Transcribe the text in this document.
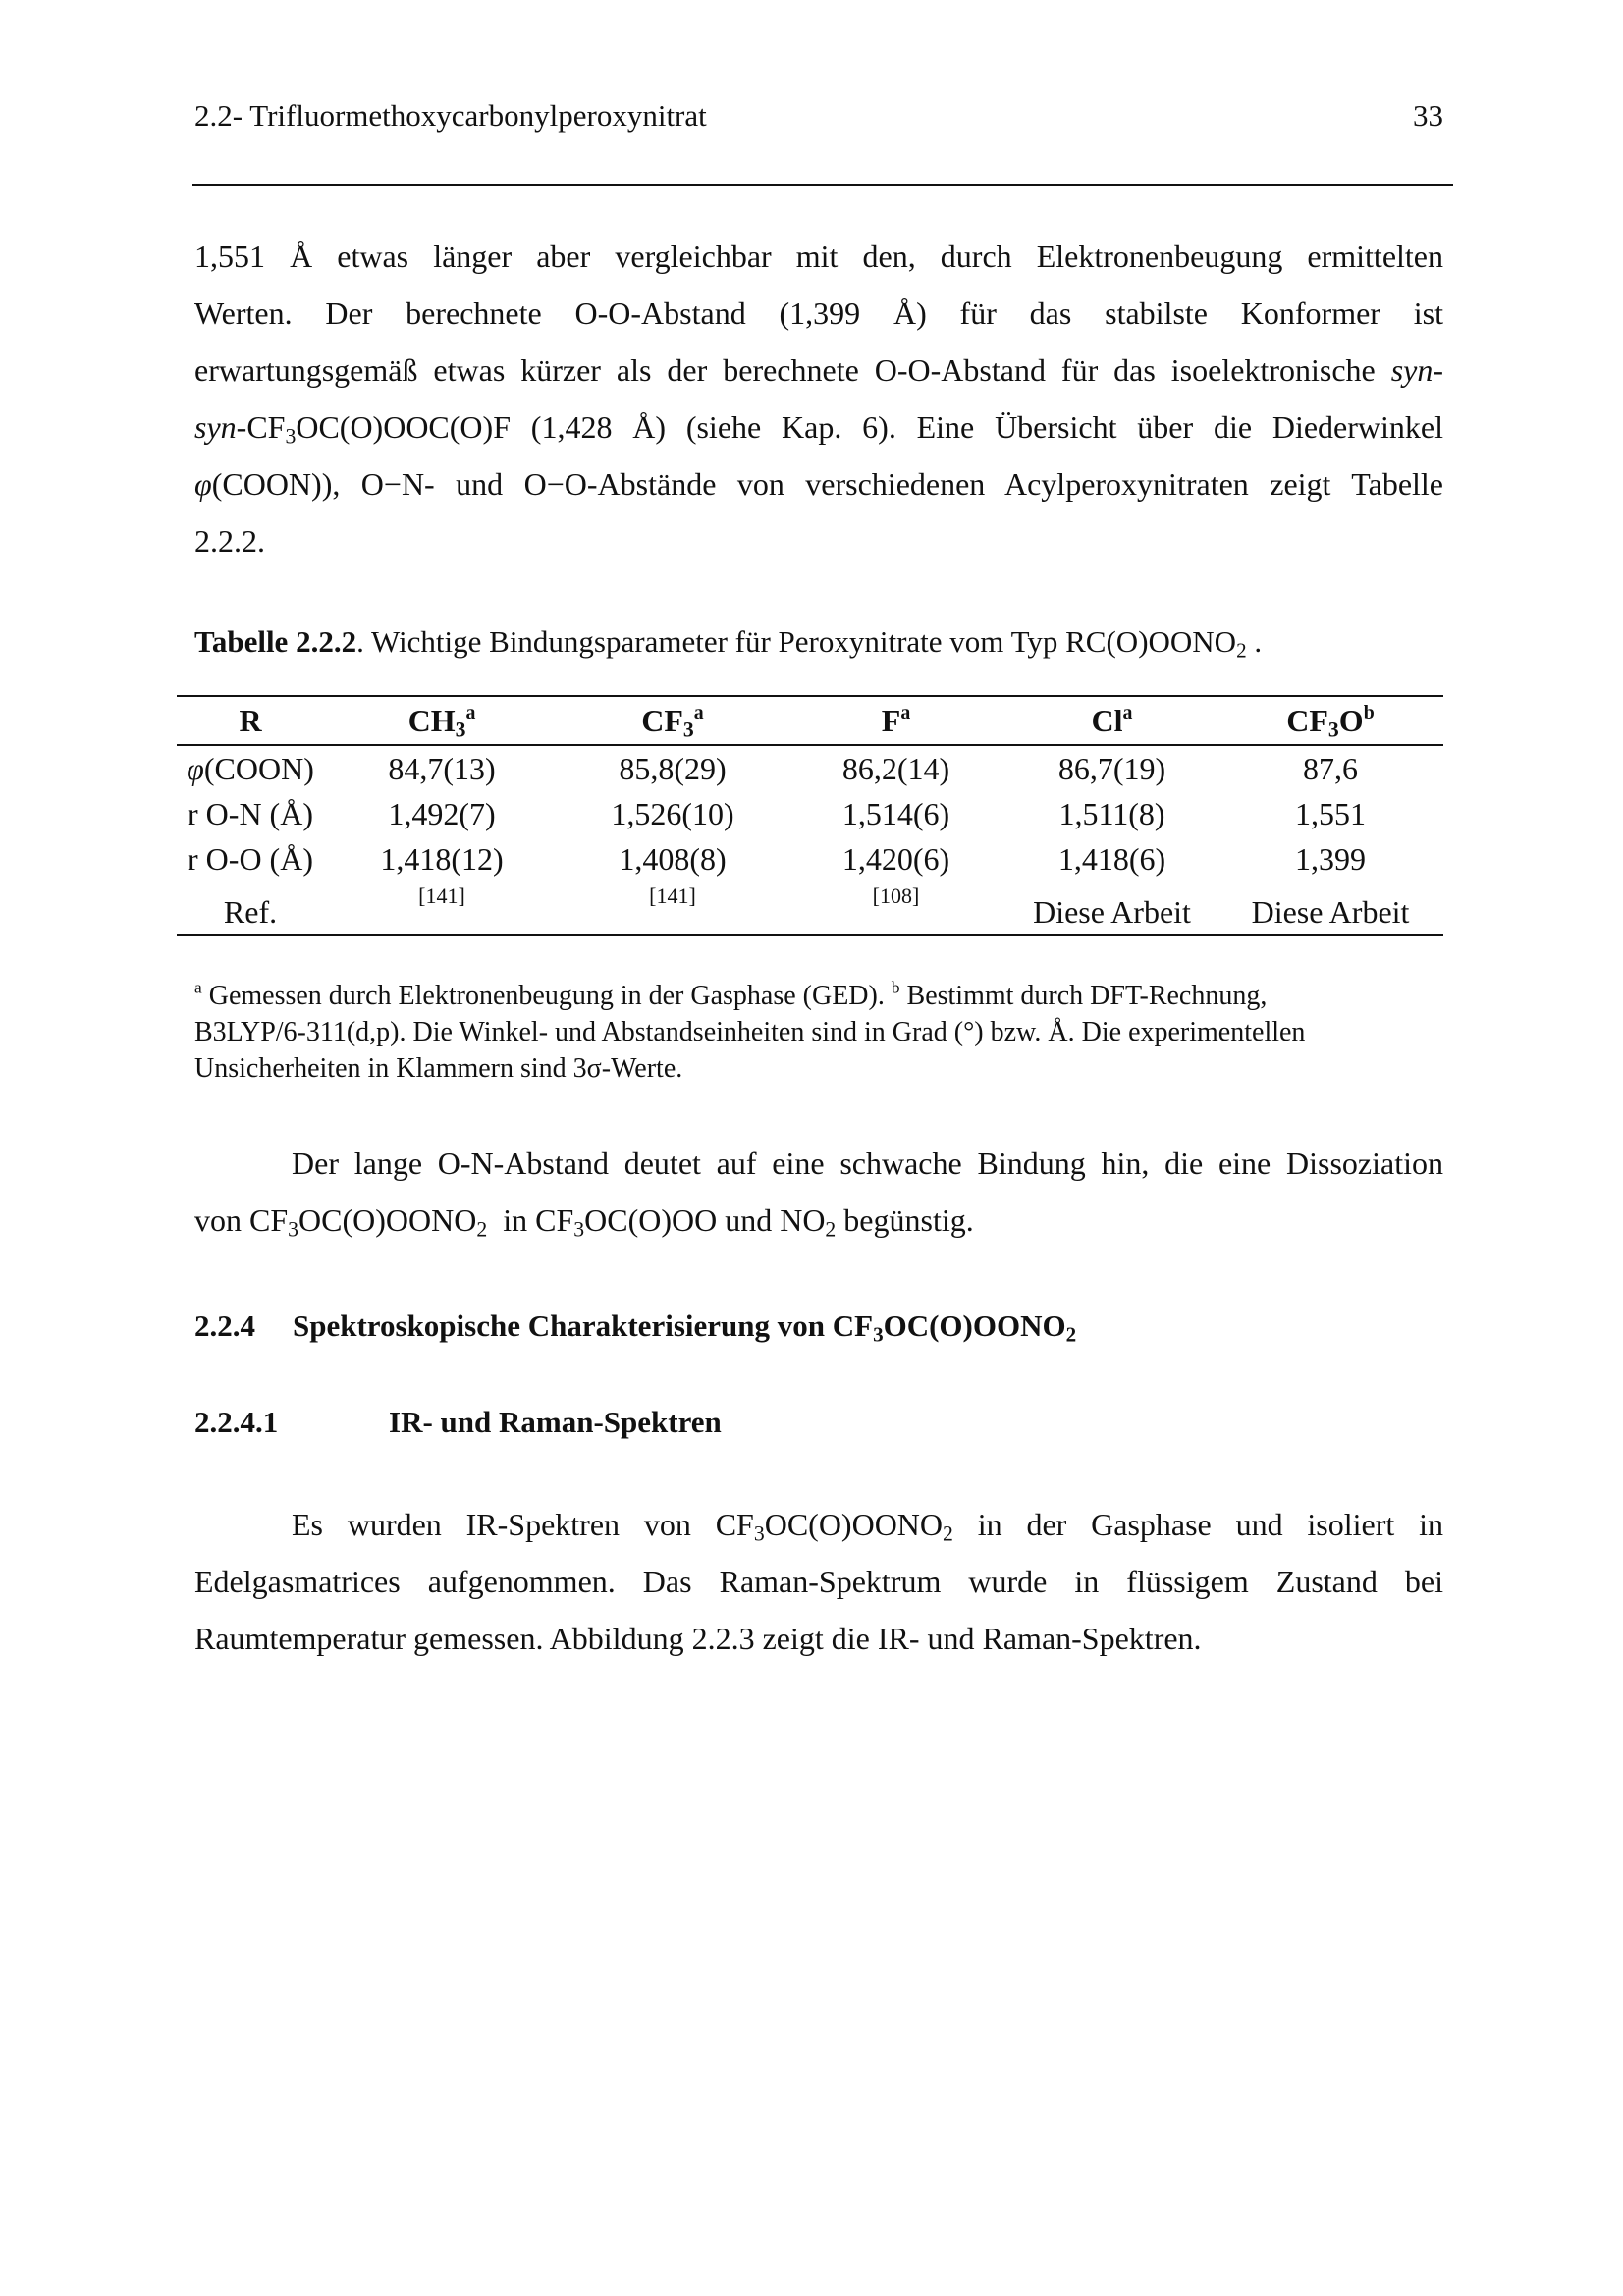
2.2- Trifluormethoxycarbonylperoxynitrat	33
1,551 Å etwas länger aber vergleichbar mit den, durch Elektronenbeugung ermittelten
Werten. Der berechnete O-O-Abstand (1,399 Å) für das stabilste Konformer ist
erwartungsgemäß etwas kürzer als der berechnete O-O-Abstand für das isoelektronische syn-
syn-$CF_3OC(O)OOC(O)F$ (1,428 Å) (siehe Kap. 6). Eine Übersicht über die Diederwinkel
φ(COON)), O−N- und O−O-Abstände von verschiedenen Acylperoxynitraten zeigt Tabelle
2.2.2.
Tabelle 2.2.2. Wichtige Bindungsparameter für Peroxynitrate vom Typ $RC(O)OONO_2$ .
R	$CH_3^a$	$CF_3^a$	$F^a$	Cl$^a$	$CF_3O^b$
φ(COON)	84,7(13)	85,8(29)	86,2(14)	86,7(19)	87,6
r O-N (Å)	1,492(7)	1,526(10)	1,514(6)	1,511(8)	1,551
r O-O (Å)	1,418(12)	1,408(8)	1,420(6)	1,418(6)	1,399
Ref.	[141]	[141]	[108]	Diese Arbeit	Diese Arbeit
$^a$ Gemessen durch Elektronenbeugung in der Gasphase (GED). $^b$ Bestimmt durch DFT-Rechnung,
B3LYP/6-311(d,p). Die Winkel- und Abstandseinheiten sind in Grad (°) bzw. Å. Die experimentellen
Unsicherheiten in Klammern sind 3σ-Werte.
Der lange O-N-Abstand deutet auf eine schwache Bindung hin, die eine Dissoziation
von $CF_3OC(O)OONO_2$  in $CF_3OC(O)OO$ und $NO_2$ begünstig.
2.2.4 Spektroskopische Charakterisierung von $CF_3OC(O)OONO_2$
2.2.4.1	IR- und Raman-Spektren
Es wurden IR-Spektren von $CF_3OC(O)OONO_2$ in der Gasphase und isoliert in
Edelgasmatrices aufgenommen. Das Raman-Spektrum wurde in flüssigem Zustand bei
Raumtemperatur gemessen. Abbildung 2.2.3 zeigt die IR- und Raman-Spektren.
